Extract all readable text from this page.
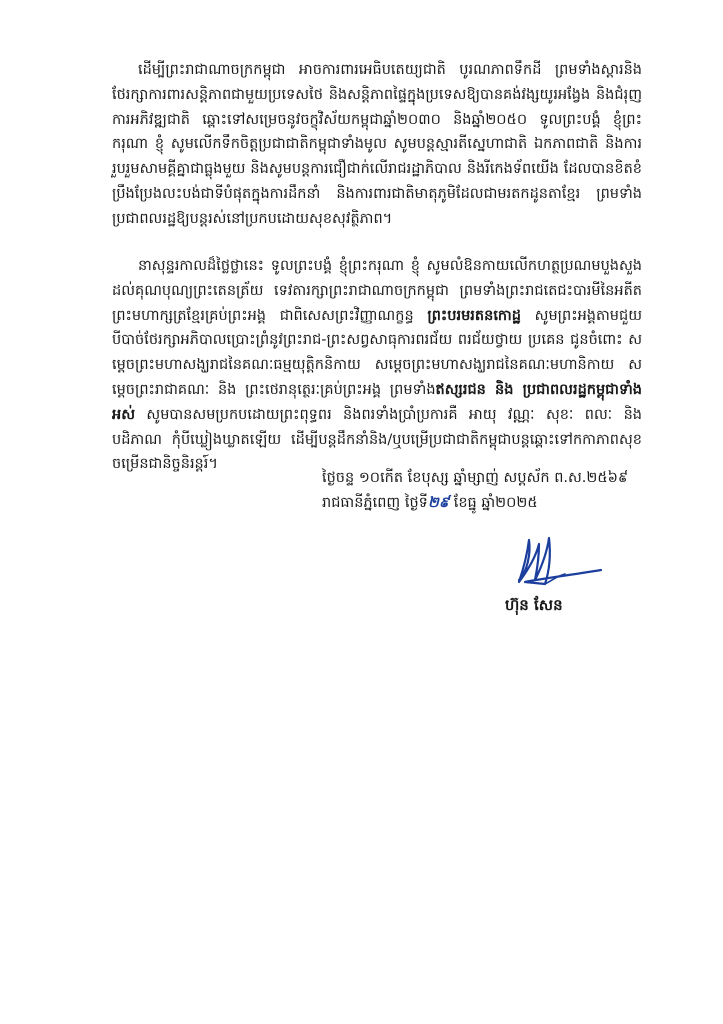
ដើម្បីព្រះរាជាណាចក្រកម្ពុជា អាចការពារអេធិបតេយ្យជាតិ បូរណភាពទឹកដី ព្រមទាំងស្តារនិងថែរក្សាការពារសន្តិភាពជាមួយប្រទេសថៃ និងសន្តិភាពផ្ទៃក្នុងប្រទេសឱ្យបានគង់វង្សយូរអង្វែង និងជំរុញការអភិវឌ្ឍជាតិ ឆ្ពោះទៅសម្រេចនូវចក្ខុវិស័យកម្ពុជាឆ្នាំ២០៣០ និងឆ្នាំ២០៥០ ទូលព្រះបង្គំ ខ្ញុំព្រះករុណា ខ្ញុំ សូមលើកទឹកចិត្តប្រជាជាតិកម្ពុជាទាំងមូល សូមបន្តស្មារតីស្នេហាជាតិ ឯកភាពជាតិ និងការរួបរួមសាមគ្គីគ្នាជាធ្លុងមួយ និងសូមបន្តការជឿជាក់លើរាជរដ្ឋាភិបាល និងរីកេងទ័ពយើង ដែលបានខិតខំប្រឹងប្រែងលះបង់ជាទីបំផុតក្នុងការដឹកនាំ និងការពារជាតិមាតុភូមិដែលជាមរតកដូនតាខ្មែរ ព្រមទាំងប្រជាពលរដ្ឋឱ្យបន្តរស់នៅប្រកបដោយសុខសុវត្ថិភាព។

នាសុន្ទរកាលដ៏ថ្លៃថ្លានេះ ទូលព្រះបង្គំ ខ្ញុំព្រះករុណា ខ្ញុំ សូមលំឱនកាយលើកហត្ថប្រណមបួងសួងដល់គុណបុណ្យព្រះតេនត្រ័យ ទេវតារក្សាព្រះរាជាណាចក្រកម្ពុជា ព្រមទាំងព្រះរាជតេជះបារមីនៃអតីតព្រះមហាក្សត្រខ្មែរគ្រប់ព្រះអង្គ ជាពិសេសព្រះវិញ្ញាណក្ខន្ធ ព្រះបរមរតនកោដ្ឋ សូមព្រះអង្គតាមជួយបីបាច់ថែរក្សាអភិបាលប្រោះព្រំនូវព្រះរាជ-ព្រះសព្វសាធុការពរជ័យ ពរជ័យថ្វាយ ប្រគេន ជូនចំពោះ សម្តេចព្រះមហាសង្ឃរាជនៃគណៈធម្មយុត្តិកនិកាយ សម្តេចព្រះមហាសង្ឃរាជនៃគណៈមហានិកាយ សម្តេចព្រះរាជាគណៈ និង ព្រះថេរានុត្ថេរៈគ្រប់ព្រះអង្គ ព្រមទាំងឥស្សរជន និង ប្រជាពលរដ្ឋកម្ពុជាទាំងអស់ សូមបានសមប្រកបដោយព្រះពុទ្ធពរ និងពរទាំងប្រាំប្រការគឺ អាយុ វណ្ណៈ សុខៈ ពលៈ និងបដិភាណ កុំបីឃ្លៀងឃ្លាតឡើយ ដើម្បីបន្តដឹកនាំនិង/ឬបម្រើប្រជាជាតិកម្ពុជាបន្តឆ្ពោះទៅកកាភាពសុខចម្រើនជានិច្ចនិរន្តរ៍។

ថ្ងៃចន្ទ ១០កើត ខែបុស្ស ឆ្នាំម្សាញ់ សប្តស័ក ព.ស.២៥៦៩
រាជធានីភ្នំពេញ ថ្ងៃទី២៩ ខែធ្នូ ឆ្នាំ២០២៥
ហ៊ុន សែន
